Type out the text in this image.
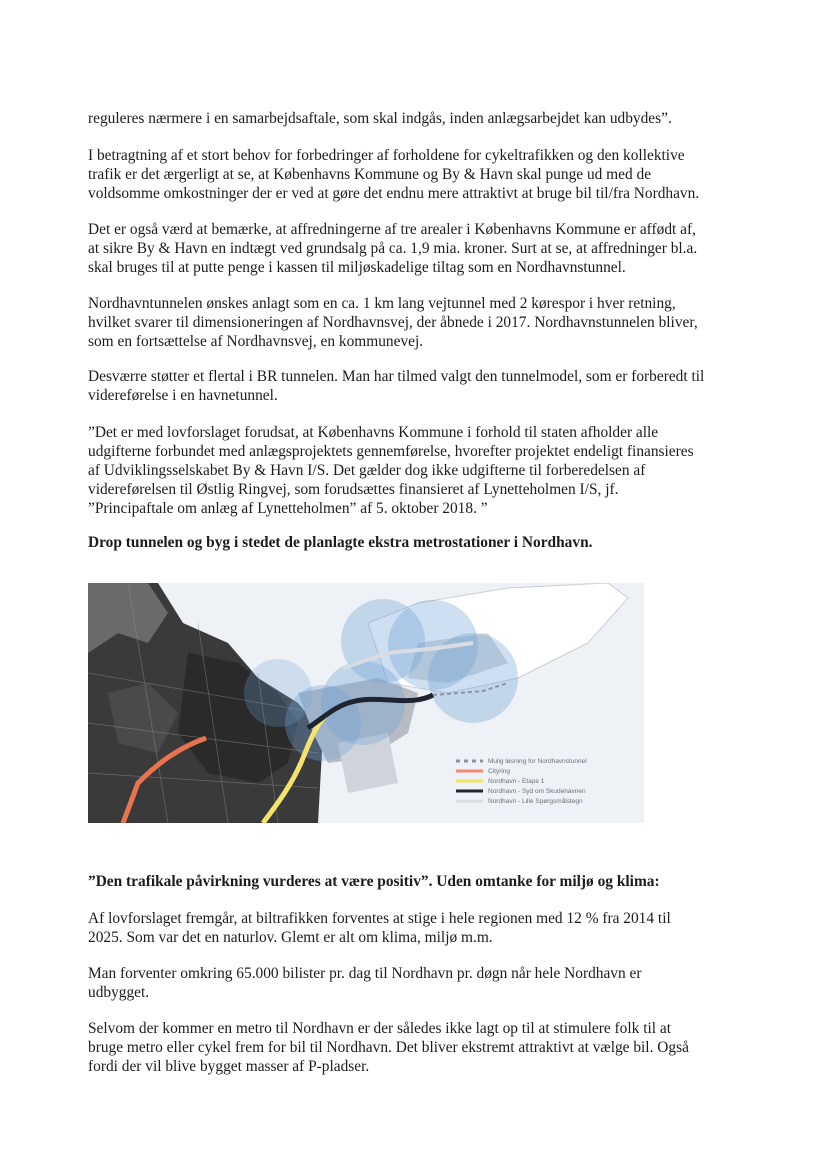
reguleres nærmere i en samarbejdsaftale, som skal indgås, inden anlægsarbejdet kan udbydes”.

I betragtning af et stort behov for forbedringer af forholdene for cykeltrafikken og den kollektive
trafik er det ærgerligt at se, at Københavns Kommune og By & Havn skal punge ud med de
voldsomme omkostninger der er ved at gøre det endnu mere attraktivt at bruge bil til/fra Nordhavn.

Det er også værd at bemærke, at affredningerne af tre arealer i Københavns Kommune er affødt af,
at sikre By & Havn en indtægt ved grundsalg på ca. 1,9 mia. kroner. Surt at se, at affredninger bl.a.
skal bruges til at putte penge i kassen til miljøskadelige tiltag som en Nordhavnstunnel.

Nordhavntunnelen ønskes anlagt som en ca. 1 km lang vejtunnel med 2 kørespor i hver retning,
hvilket svarer til dimensioneringen af Nordhavnsvej, der åbnede i 2017. Nordhavnstunnelen bliver,
som en fortsættelse af Nordhavnsvej, en kommunevej.

Desværre støtter et flertal i BR tunnelen. Man har tilmed valgt den tunnelmodel, som er forberedt til
videreførelse i en havnetunnel.

”Det er med lovforslaget forudsat, at Københavns Kommune i forhold til staten afholder alle
udgifterne forbundet med anlægsprojektets gennemførelse, hvorefter projektet endeligt finansieres
af Udviklingsselskabet By & Havn I/S. Det gælder dog ikke udgifterne til forberedelsen af
videreførelsen til Østlig Ringvej, som forudsættes finansieret af Lynetteholmen I/S, jf.
”Principaftale om anlæg af Lynetteholmen” af 5. oktober 2018. ”

Drop tunnelen og byg i stedet de planlagte ekstra metrostationer i Nordhavn.

Mulig løsning for Nordhavnstunnel
Cityring
Nordhavn - Etape 1
Nordhavn - Syd om Skudehavnen
Nordhavn - Lille Spørgsmålstegn

”Den trafikale påvirkning vurderes at være positiv”. Uden omtanke for miljø og klima:

Af lovforslaget fremgår, at biltrafikken forventes at stige i hele regionen med 12 % fra 2014 til
2025. Som var det en naturlov. Glemt er alt om klima, miljø m.m.

Man forventer omkring 65.000 bilister pr. dag til Nordhavn pr. døgn når hele Nordhavn er
udbygget.

Selvom der kommer en metro til Nordhavn er der således ikke lagt op til at stimulere folk til at
bruge metro eller cykel frem for bil til Nordhavn. Det bliver ekstremt attraktivt at vælge bil. Også
fordi der vil blive bygget masser af P-pladser.
